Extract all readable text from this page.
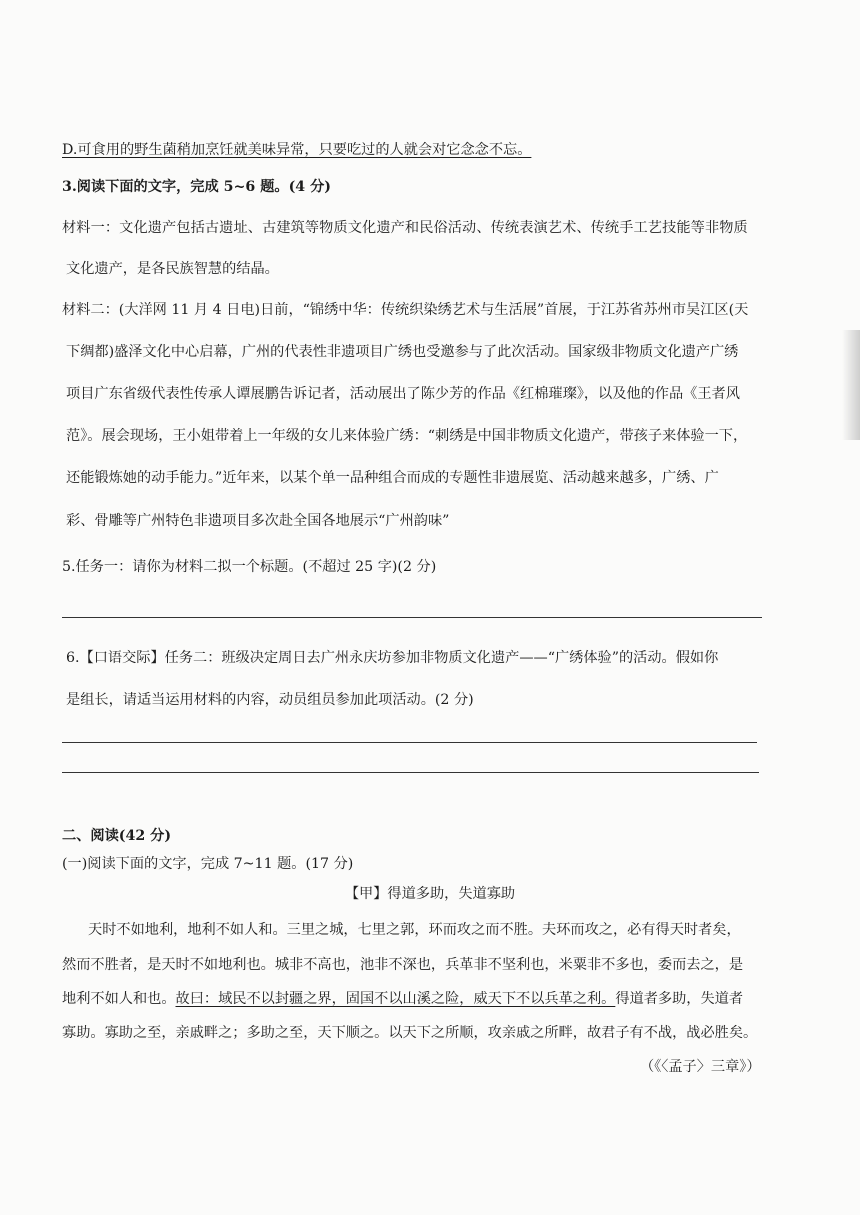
D.可食用的野生菌稍加烹饪就美味异常，只要吃过的人就会对它念念不忘。
3.阅读下面的文字，完成 5~6 题。(4 分)
材料一：文化遗产包括古遗址、古建筑等物质文化遗产和民俗活动、传统表演艺术、传统手工艺技能等非物质
文化遗产，是各民族智慧的结晶。
材料二：(大洋网 11 月 4 日电)日前，“锦绣中华：传统织染绣艺术与生活展”首展，于江苏省苏州市吴江区(天
下绸都)盛泽文化中心启幕，广州的代表性非遗项目广绣也受邀参与了此次活动。国家级非物质文化遗产广绣
项目广东省级代表性传承人谭展鹏告诉记者，活动展出了陈少芳的作品《红棉璀璨》，以及他的作品《王者风
范》。展会现场，王小姐带着上一年级的女儿来体验广绣：“刺绣是中国非物质文化遗产，带孩子来体验一下，
还能锻炼她的动手能力。”近年来，以某个单一品种组合而成的专题性非遗展览、活动越来越多，广绣、广
彩、骨雕等广州特色非遗项目多次赴全国各地展示“广州韵味”
5.任务一：请你为材料二拟一个标题。(不超过 25 字)(2 分)
6.【口语交际】任务二：班级决定周日去广州永庆坊参加非物质文化遗产——“广绣体验”的活动。假如你
是组长，请适当运用材料的内容，动员组员参加此项活动。(2 分)
二、阅读(42 分)
(一)阅读下面的文字，完成 7~11 题。(17 分)
【甲】得道多助，失道寡助
天时不如地利，地利不如人和。三里之城，七里之郭，环而攻之而不胜。夫环而攻之，必有得天时者矣，
然而不胜者，是天时不如地利也。城非不高也，池非不深也，兵革非不坚利也，米粟非不多也，委而去之，是
地利不如人和也。故曰：域民不以封疆之界，固国不以山溪之险，威天下不以兵革之利。得道者多助，失道者
寡助。寡助之至，亲戚畔之；多助之至，天下顺之。以天下之所顺，攻亲戚之所畔，故君子有不战，战必胜矣。
（《〈孟子〉三章》）
